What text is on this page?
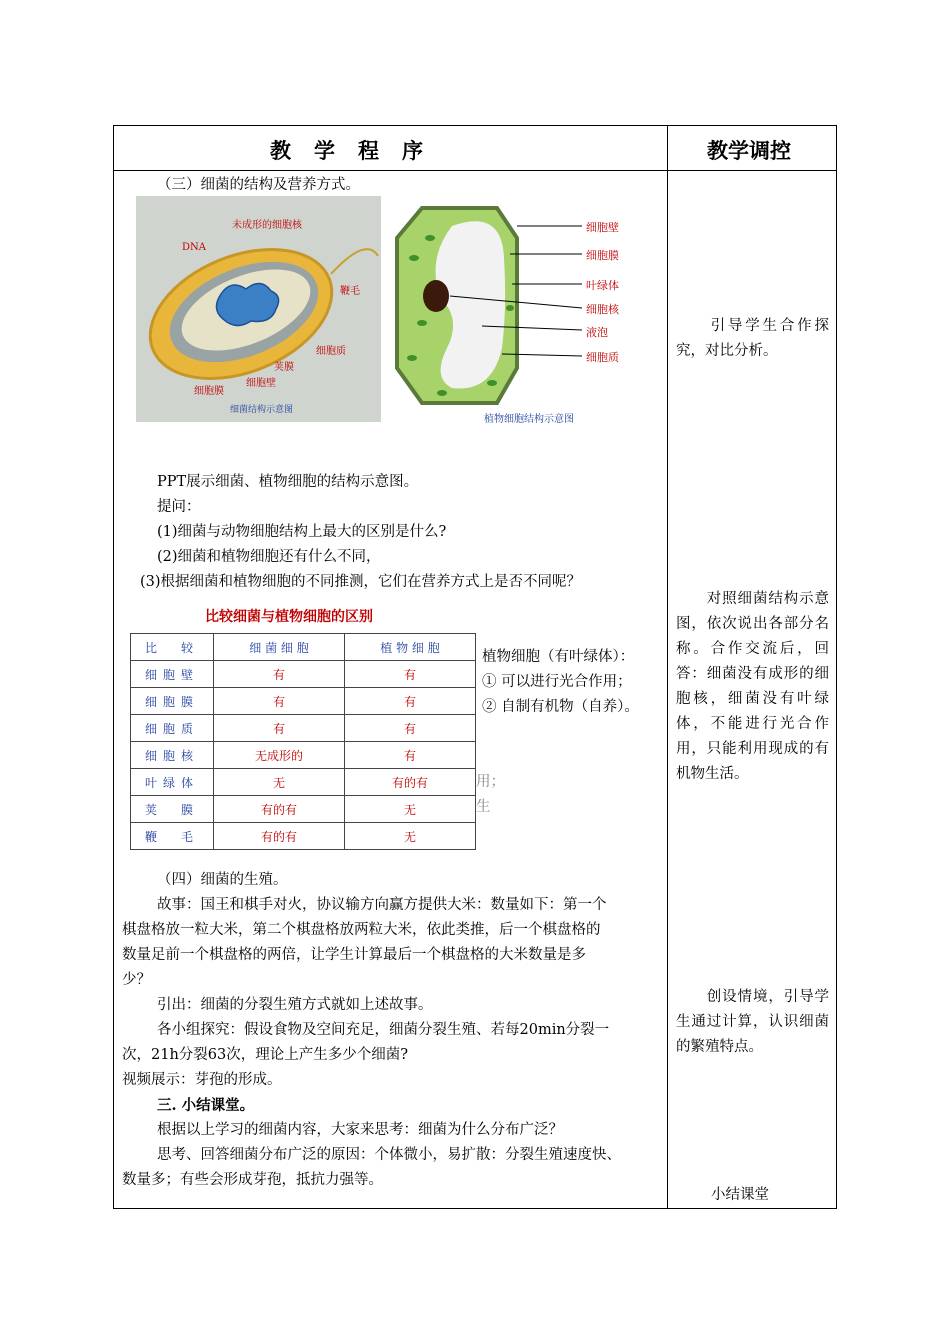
教　学　程　序	教学调控
（三）细菌的结构及营养方式。
未成形的细胞核
DNA
鞭毛
细胞质
荚膜
细胞壁
细胞膜
细菌结构示意图
细胞壁
细胞膜
叶绿体
细胞核
液泡
细胞质
植物细胞结构示意图
PPT展示细菌、植物细胞的结构示意图。
提问：
(1)细菌与动物细胞结构上最大的区别是什么?
(2)细菌和植物细胞还有什么不同，
(3)根据细菌和植物细胞的不同推测，它们在营养方式上是否不同呢？
比较细菌与植物细胞的区别
比　较	细 菌 细 胞	植 物 细 胞
细胞壁	有	有
细胞膜	有	有
细胞质	有	有
细胞核	无成形的	有
叶绿体	无	有的有
荚　膜	有的有	无
鞭　毛	有的有	无
植物细胞（有叶绿体）：
① 可以进行光合作用；
② 自制有机物（自养）。
用；
生
（四）细菌的生殖。
故事：国王和棋手对火，协议输方向赢方提供大米：数量如下：第一个
棋盘格放一粒大米，第二个棋盘格放两粒大米，依此类推，后一个棋盘格的
数量足前一个棋盘格的两倍，让学生计算最后一个棋盘格的大米数量是多
少？
引出：细菌的分裂生殖方式就如上述故事。
各小组探究：假设食物及空间充足，细菌分裂生殖、若每20min分裂一
次，21h分裂63次，理论上产生多少个细菌?
视频展示：芽孢的形成。
三. 小结课堂。
根据以上学习的细菌内容，大家来思考：细菌为什么分布广泛？
思考、回答细菌分布广泛的原因：个体微小，易扩散：分裂生殖速度快、
数量多；有些会形成芽孢，抵抗力强等。
　　引导学生合作探究，对比分析。
　　对照细菌结构示意图，依次说出各部分名称。合作交流后，回答：细菌没有成形的细胞核，细菌没有叶绿体，不能进行光合作用，只能利用现成的有机物生活。
　　创设情境，引导学生通过计算，认识细菌的繁殖特点。
小结课堂
